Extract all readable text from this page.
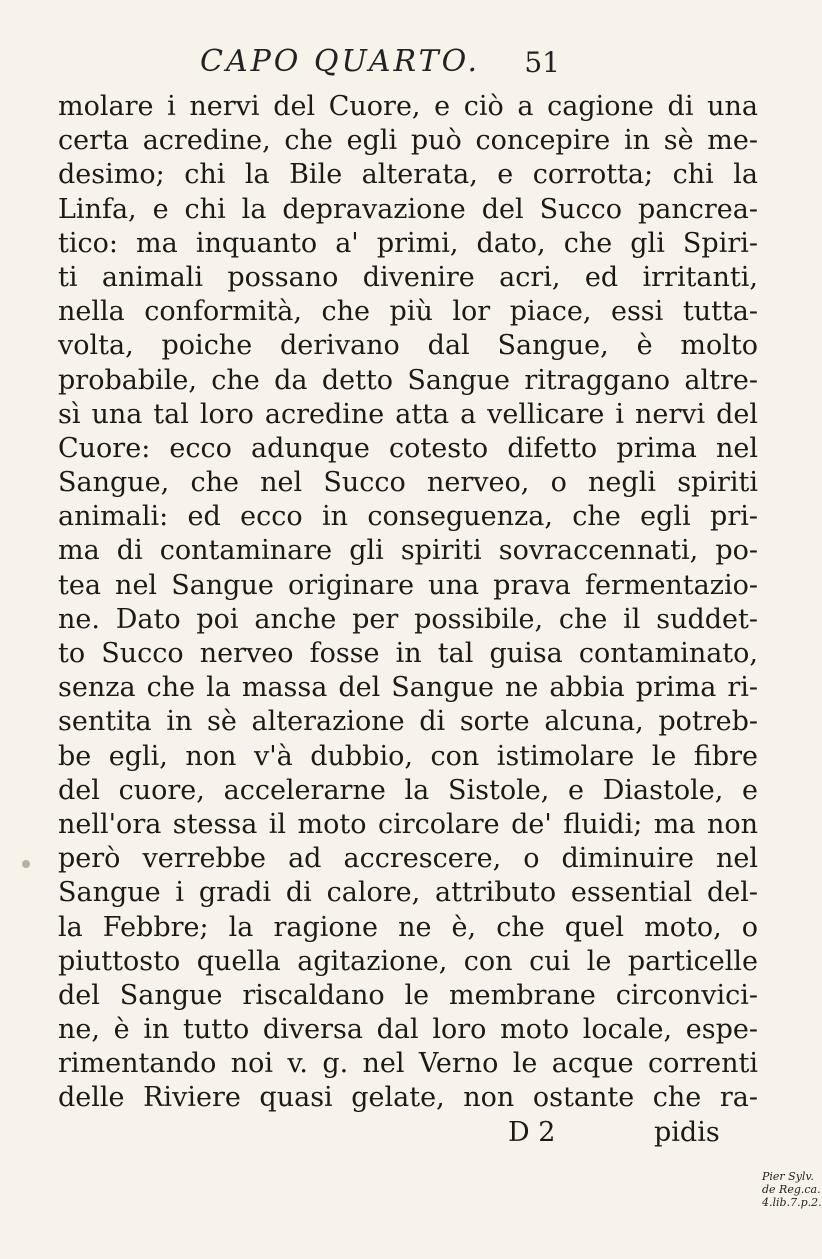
CAPO QUARTO. 51
molare i nervi del Cuore, e ciò a cagione di una
certa acredine, che egli può concepire in sè me-
desimo; chi la Bile alterata, e corrotta; chi la
Linfa, e chi la depravazione del Succo pancrea-
tico: ma inquanto a' primi, dato, che gli Spiri-
ti animali possano divenire acri, ed irritanti,
nella conformità, che più lor piace, essi tutta-
volta, poiche derivano dal Sangue, è molto
probabile, che da detto Sangue ritraggano altre-
sì una tal loro acredine atta a vellicare i nervi del
Cuore: ecco adunque cotesto difetto prima nel
Sangue, che nel Succo nerveo, o negli spiriti
animali: ed ecco in conseguenza, che egli pri-
ma di contaminare gli spiriti sovraccennati, po-
tea nel Sangue originare una prava fermentazio-
ne. Dato poi anche per possibile, che il suddet-
to Succo nerveo fosse in tal guisa contaminato,
senza che la massa del Sangue ne abbia prima ri-
sentita in sè alterazione di sorte alcuna, potreb-
be egli, non v'à dubbio, con istimolare le fibre
del cuore, accelerarne la Sistole, e Diastole, e
nell'ora stessa il moto circolare de' fluidi; ma non
però verrebbe ad accrescere, o diminuire nel
Sangue i gradi di calore, attributo essential del-
la Febbre; la ragione ne è, che quel moto, o
piuttosto quella agitazione, con cui le particelle
del Sangue riscaldano le membrane circonvici-
ne, è in tutto diversa dal loro moto locale, espe-
rimentando noi v. g. nel Verno le acque correnti
delle Riviere quasi gelate, non ostante che ra-
D 2	pidis
Pier Sylv.
de Reg.ca.
4.lib.7.p.2.
